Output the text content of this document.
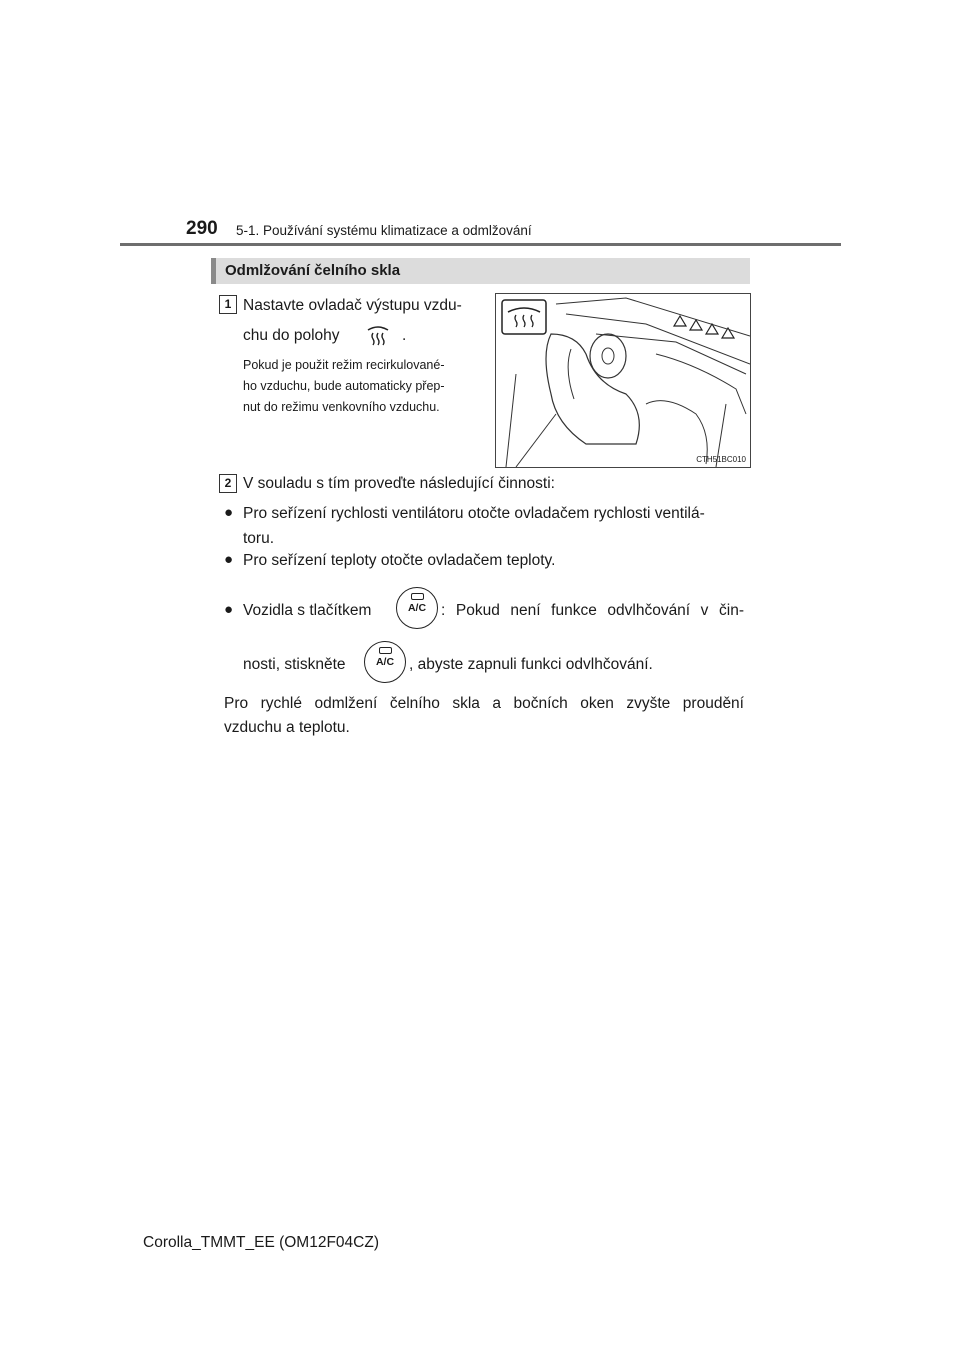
290 5-1. Používání systému klimatizace a odmlžování
Odmlžování čelního skla
1 Nastavte ovladač výstupu vzdu-
chu do polohy	.
Pokud je použit režim recirkulované-
ho vzduchu, bude automaticky přep-
nut do režimu venkovního vzduchu.
CTH51BC010
2 V souladu s tím proveďte následující činnosti:
● Pro seřízení rychlosti ventilátoru otočte ovladačem rychlosti ventilá-
toru.
● Pro seřízení teploty otočte ovladačem teploty.
● Vozidla s tlačítkem	A/C : Pokud není funkce odvlhčování v čin-
nosti, stiskněte	A/C , abyste zapnuli funkci odvlhčování.
Pro rychlé odmlžení čelního skla a bočních oken zvyšte proudění
vzduchu a teplotu.
Corolla_TMMT_EE (OM12F04CZ)
